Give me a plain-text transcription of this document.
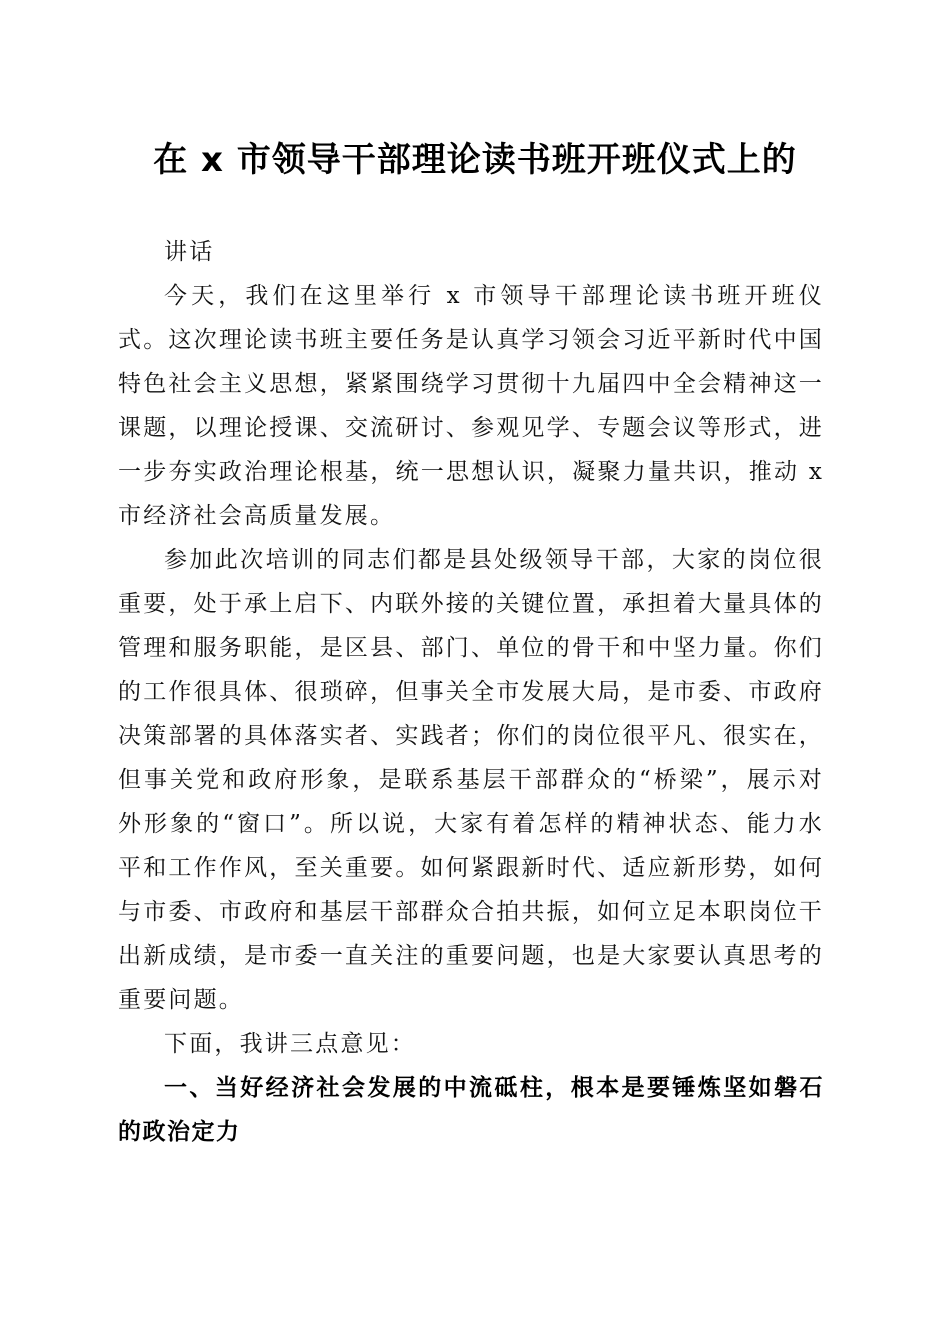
在 x 市领导干部理论读书班开班仪式上的

讲话

今天，我们在这里举行 x 市领导干部理论读书班开班仪式。这次理论读书班主要任务是认真学习领会习近平新时代中国特色社会主义思想，紧紧围绕学习贯彻十九届四中全会精神这一课题，以理论授课、交流研讨、参观见学、专题会议等形式，进一步夯实政治理论根基，统一思想认识，凝聚力量共识，推动 x 市经济社会高质量发展。

参加此次培训的同志们都是县处级领导干部，大家的岗位很重要，处于承上启下、内联外接的关键位置，承担着大量具体的管理和服务职能，是区县、部门、单位的骨干和中坚力量。你们的工作很具体、很琐碎，但事关全市发展大局，是市委、市政府决策部署的具体落实者、实践者；你们的岗位很平凡、很实在，但事关党和政府形象，是联系基层干部群众的“桥梁”，展示对外形象的“窗口”。所以说，大家有着怎样的精神状态、能力水平和工作作风，至关重要。如何紧跟新时代、适应新形势，如何与市委、市政府和基层干部群众合拍共振，如何立足本职岗位干出新成绩，是市委一直关注的重要问题，也是大家要认真思考的重要问题。

下面，我讲三点意见：

一、当好经济社会发展的中流砥柱，根本是要锤炼坚如磐石的政治定力
